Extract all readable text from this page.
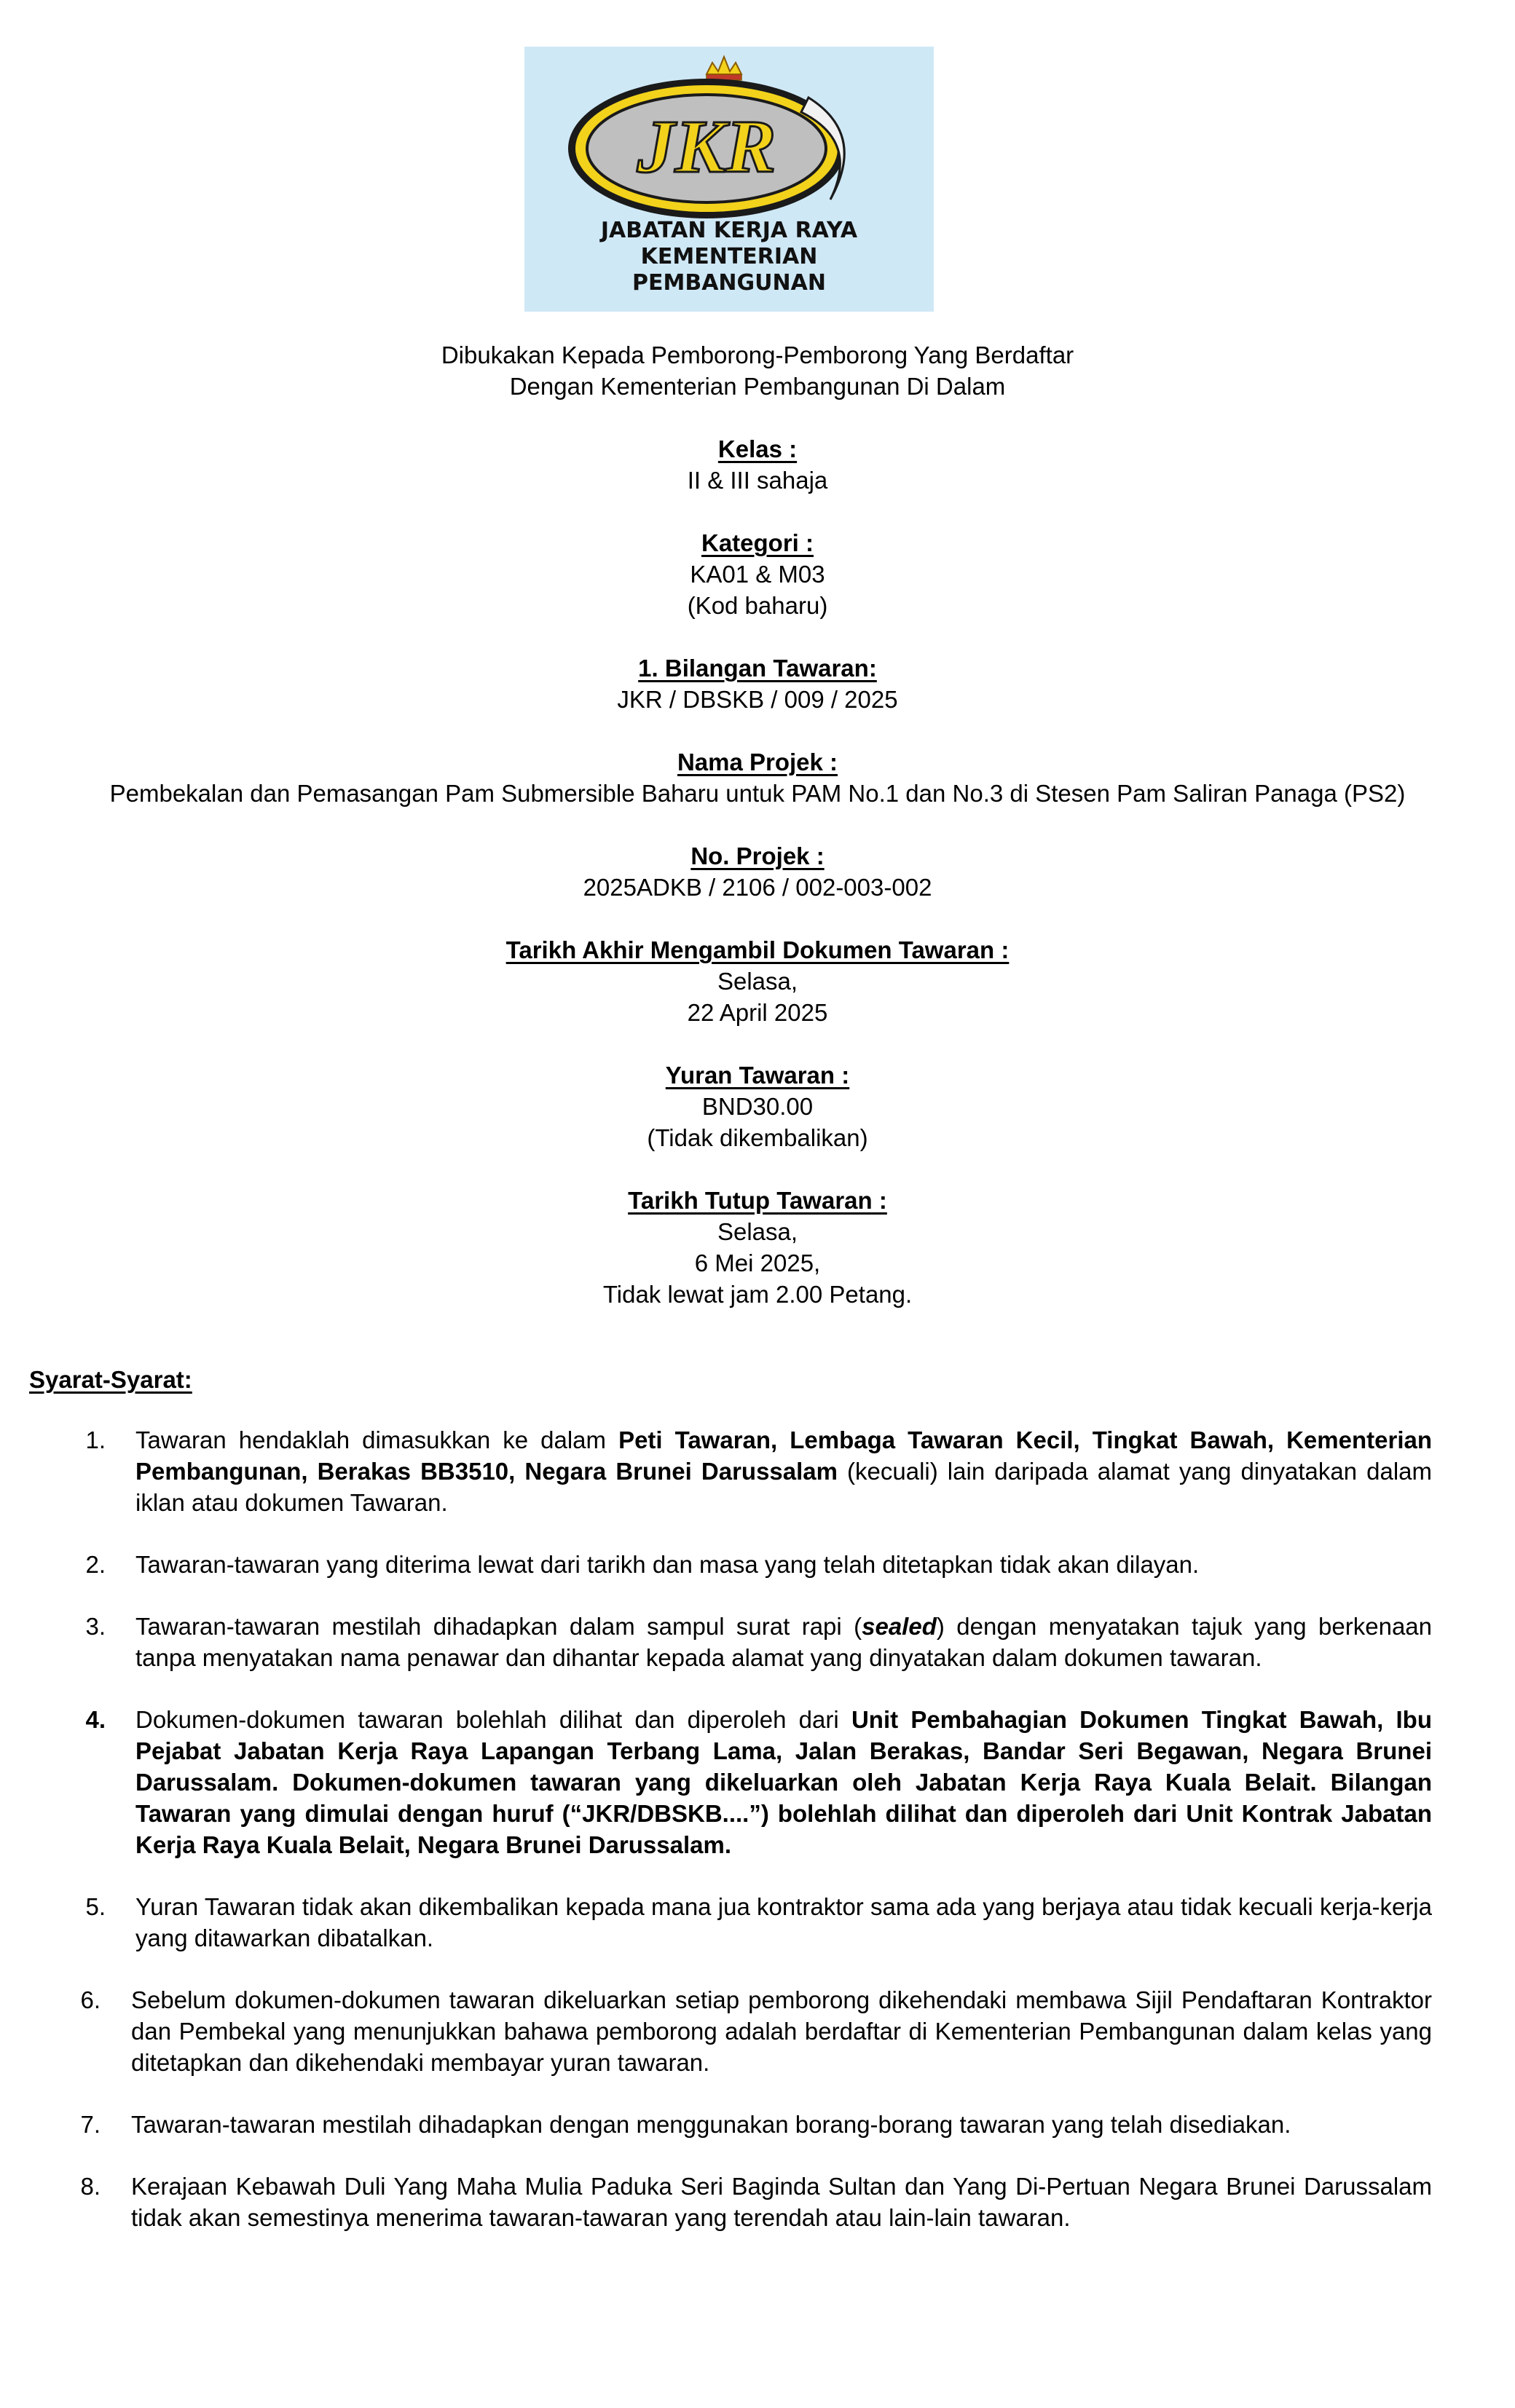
JKR
JABATAN KERJA RAYA
KEMENTERIAN
PEMBANGUNAN
Dibukakan Kepada Pemborong-Pemborong Yang Berdaftar
Dengan Kementerian Pembangunan Di Dalam
Kelas :
II & III sahaja
Kategori :
KA01 & M03
(Kod baharu)
1. Bilangan Tawaran:
JKR / DBSKB / 009 / 2025
Nama Projek :
Pembekalan dan Pemasangan Pam Submersible Baharu untuk PAM No.1 dan No.3 di Stesen Pam Saliran Panaga (PS2)
No. Projek :
2025ADKB / 2106 / 002-003-002
Tarikh Akhir Mengambil Dokumen Tawaran :
Selasa,
22 April 2025
Yuran Tawaran :
BND30.00
(Tidak dikembalikan)
Tarikh Tutup Tawaran :
Selasa,
6 Mei 2025,
Tidak lewat jam 2.00 Petang.
Syarat-Syarat:
1. Tawaran hendaklah dimasukkan ke dalam Peti Tawaran, Lembaga Tawaran Kecil, Tingkat Bawah, Kementerian Pembangunan, Berakas BB3510, Negara Brunei Darussalam (kecuali) lain daripada alamat yang dinyatakan dalam iklan atau dokumen Tawaran.
2. Tawaran-tawaran yang diterima lewat dari tarikh dan masa yang telah ditetapkan tidak akan dilayan.
3. Tawaran-tawaran mestilah dihadapkan dalam sampul surat rapi (sealed) dengan menyatakan tajuk yang berkenaan tanpa menyatakan nama penawar dan dihantar kepada alamat yang dinyatakan dalam dokumen tawaran.
4. Dokumen-dokumen tawaran bolehlah dilihat dan diperoleh dari Unit Pembahagian Dokumen Tingkat Bawah, Ibu Pejabat Jabatan Kerja Raya Lapangan Terbang Lama, Jalan Berakas, Bandar Seri Begawan, Negara Brunei Darussalam. Dokumen-dokumen tawaran yang dikeluarkan oleh Jabatan Kerja Raya Kuala Belait. Bilangan Tawaran yang dimulai dengan huruf (“JKR/DBSKB....”) bolehlah dilihat dan diperoleh dari Unit Kontrak Jabatan Kerja Raya Kuala Belait, Negara Brunei Darussalam.
5. Yuran Tawaran tidak akan dikembalikan kepada mana jua kontraktor sama ada yang berjaya atau tidak kecuali kerja-kerja yang ditawarkan dibatalkan.
6. Sebelum dokumen-dokumen tawaran dikeluarkan setiap pemborong dikehendaki membawa Sijil Pendaftaran Kontraktor dan Pembekal yang menunjukkan bahawa pemborong adalah berdaftar di Kementerian Pembangunan dalam kelas yang ditetapkan dan dikehendaki membayar yuran tawaran.
7. Tawaran-tawaran mestilah dihadapkan dengan menggunakan borang-borang tawaran yang telah disediakan.
8. Kerajaan Kebawah Duli Yang Maha Mulia Paduka Seri Baginda Sultan dan Yang Di-Pertuan Negara Brunei Darussalam tidak akan semestinya menerima tawaran-tawaran yang terendah atau lain-lain tawaran.
